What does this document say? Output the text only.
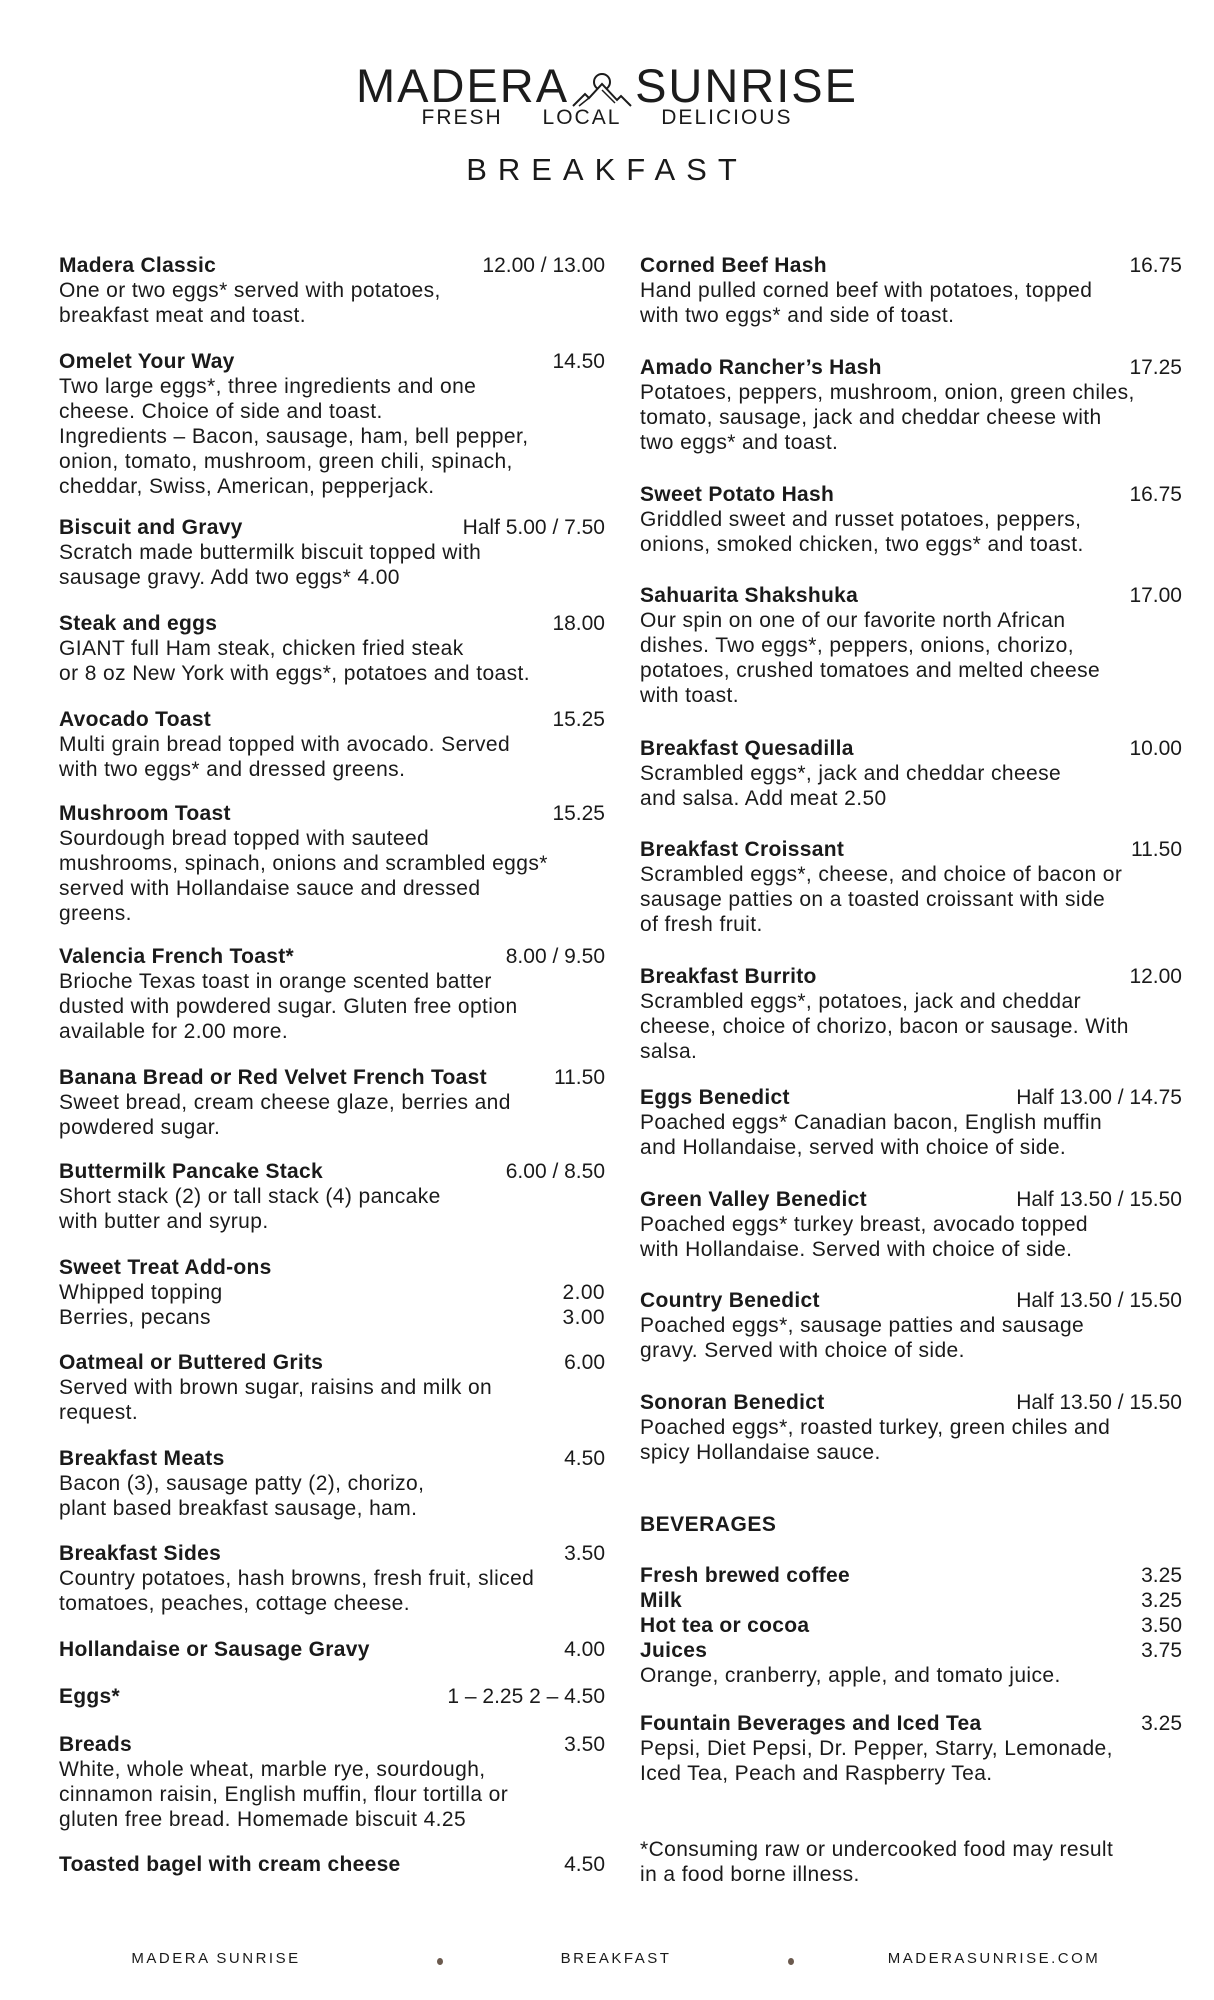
MADERA SUNRISE
FRESH LOCAL DELICIOUS
BREAKFAST
Madera Classic	12.00 / 13.00
One or two eggs* served with potatoes,
breakfast meat and toast.
Omelet Your Way	14.50
Two large eggs*, three ingredients and one
cheese. Choice of side and toast.
Ingredients – Bacon, sausage, ham, bell pepper,
onion, tomato, mushroom, green chili, spinach,
cheddar, Swiss, American, pepperjack.
Biscuit and Gravy	Half 5.00 / 7.50
Scratch made buttermilk biscuit topped with
sausage gravy. Add two eggs* 4.00
Steak and eggs	18.00
GIANT full Ham steak, chicken fried steak
or 8 oz New York with eggs*, potatoes and toast.
Avocado Toast	15.25
Multi grain bread topped with avocado. Served
with two eggs* and dressed greens.
Mushroom Toast	15.25
Sourdough bread topped with sauteed
mushrooms, spinach, onions and scrambled eggs*
served with Hollandaise sauce and dressed
greens.
Valencia French Toast*	8.00 / 9.50
Brioche Texas toast in orange scented batter
dusted with powdered sugar. Gluten free option
available for 2.00 more.
Banana Bread or Red Velvet French Toast	11.50
Sweet bread, cream cheese glaze, berries and
powdered sugar.
Buttermilk Pancake Stack	6.00 / 8.50
Short stack (2) or tall stack (4) pancake
with butter and syrup.
Sweet Treat Add-ons
Whipped topping	2.00
Berries, pecans	3.00
Oatmeal or Buttered Grits	6.00
Served with brown sugar, raisins and milk on
request.
Breakfast Meats	4.50
Bacon (3), sausage patty (2), chorizo,
plant based breakfast sausage, ham.
Breakfast Sides	3.50
Country potatoes, hash browns, fresh fruit, sliced
tomatoes, peaches, cottage cheese.
Hollandaise or Sausage Gravy	4.00
Eggs*	1 – 2.25 2 – 4.50
Breads	3.50
White, whole wheat, marble rye, sourdough,
cinnamon raisin, English muffin, flour tortilla or
gluten free bread. Homemade biscuit 4.25
Toasted bagel with cream cheese	4.50
Corned Beef Hash	16.75
Hand pulled corned beef with potatoes, topped
with two eggs* and side of toast.
Amado Rancher’s Hash	17.25
Potatoes, peppers, mushroom, onion, green chiles,
tomato, sausage, jack and cheddar cheese with
two eggs* and toast.
Sweet Potato Hash	16.75
Griddled sweet and russet potatoes, peppers,
onions, smoked chicken, two eggs* and toast.
Sahuarita Shakshuka	17.00
Our spin on one of our favorite north African
dishes. Two eggs*, peppers, onions, chorizo,
potatoes, crushed tomatoes and melted cheese
with toast.
Breakfast Quesadilla	10.00
Scrambled eggs*, jack and cheddar cheese
and salsa. Add meat 2.50
Breakfast Croissant	11.50
Scrambled eggs*, cheese, and choice of bacon or
sausage patties on a toasted croissant with side
of fresh fruit.
Breakfast Burrito	12.00
Scrambled eggs*, potatoes, jack and cheddar
cheese, choice of chorizo, bacon or sausage. With
salsa.
Eggs Benedict	Half 13.00 / 14.75
Poached eggs* Canadian bacon, English muffin
and Hollandaise, served with choice of side.
Green Valley Benedict	Half 13.50 / 15.50
Poached eggs* turkey breast, avocado topped
with Hollandaise. Served with choice of side.
Country Benedict	Half 13.50 / 15.50
Poached eggs*, sausage patties and sausage
gravy. Served with choice of side.
Sonoran Benedict	Half 13.50 / 15.50
Poached eggs*, roasted turkey, green chiles and
spicy Hollandaise sauce.
BEVERAGES
Fresh brewed coffee	3.25
Milk	3.25
Hot tea or cocoa	3.50
Juices	3.75
Orange, cranberry, apple, and tomato juice.
Fountain Beverages and Iced Tea	3.25
Pepsi, Diet Pepsi, Dr. Pepper, Starry, Lemonade,
Iced Tea, Peach and Raspberry Tea.
*Consuming raw or undercooked food may result
in a food borne illness.
MADERA SUNRISE	BREAKFAST	MADERASUNRISE.COM
